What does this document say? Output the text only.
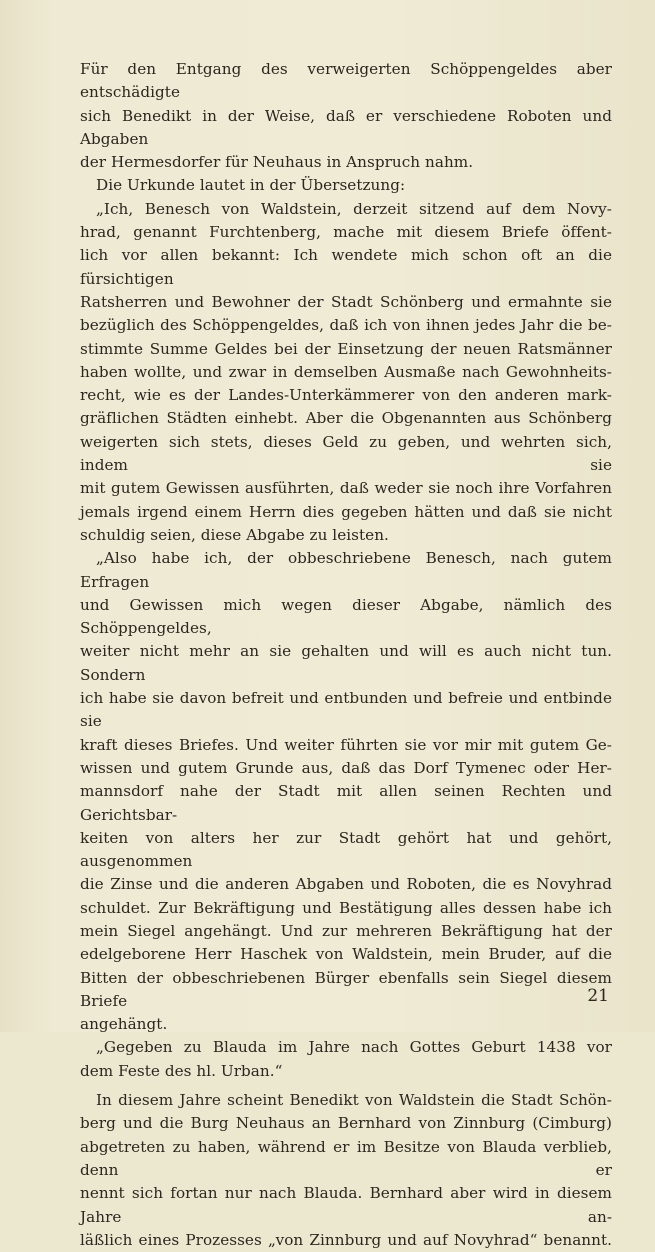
Für den Entgang des verweigerten Schöppengeldes aber entschädigte

sich Benedikt in der Weise, daß er verschiedene Roboten und Abgaben

der Hermesdorfer für Neuhaus in Anspruch nahm.

Die Urkunde lautet in der Übersetzung:

„Ich, Benesch von Waldstein, derzeit sitzend auf dem Novy-

hrad, genannt Furchtenberg, mache mit diesem Briefe öffent-

lich vor allen bekannt: Ich wendete mich schon oft an die fürsichtigen

Ratsherren und Bewohner der Stadt Schönberg und ermahnte sie

bezüglich des Schöppengeldes, daß ich von ihnen jedes Jahr die be-

stimmte Summe Geldes bei der Einsetzung der neuen Ratsmänner

haben wollte, und zwar in demselben Ausmaße nach Gewohnheits-

recht, wie es der Landes-Unterkämmerer von den anderen mark-

gräflichen Städten einhebt. Aber die Obgenannten aus Schönberg

weigerten sich stets, dieses Geld zu geben, und wehrten sich, indem sie

mit gutem Gewissen ausführten, daß weder sie noch ihre Vorfahren

jemals irgend einem Herrn dies gegeben hätten und daß sie nicht

schuldig seien, diese Abgabe zu leisten.

„Also habe ich, der obbeschriebene Benesch, nach gutem Erfragen

und Gewissen mich wegen dieser Abgabe, nämlich des Schöppengeldes,

weiter nicht mehr an sie gehalten und will es auch nicht tun. Sondern

ich habe sie davon befreit und entbunden und befreie und entbinde sie

kraft dieses Briefes. Und weiter führten sie vor mir mit gutem Ge-

wissen und gutem Grunde aus, daß das Dorf Tymenec oder Her-

mannsdorf nahe der Stadt mit allen seinen Rechten und Gerichtsbar-

keiten von alters her zur Stadt gehört hat und gehört, ausgenommen

die Zinse und die anderen Abgaben und Roboten, die es Novyhrad

schuldet. Zur Bekräftigung und Bestätigung alles dessen habe ich

mein Siegel angehängt. Und zur mehreren Bekräftigung hat der

edelgeborene Herr Haschek von Waldstein, mein Bruder, auf die

Bitten der obbeschriebenen Bürger ebenfalls sein Siegel diesem Briefe

angehängt.

„Gegeben zu Blauda im Jahre nach Gottes Geburt 1438 vor

dem Feste des hl. Urban.“

In diesem Jahre scheint Benedikt von Waldstein die Stadt Schön-

berg und die Burg Neuhaus an Bernhard von Zinnburg (Cimburg)

abgetreten zu haben, während er im Besitze von Blauda verblieb, denn er

nennt sich fortan nur nach Blauda. Bernhard aber wird in diesem Jahre an-

läßlich eines Prozesses „von Zinnburg und auf Novyhrad“ benannt.

21
